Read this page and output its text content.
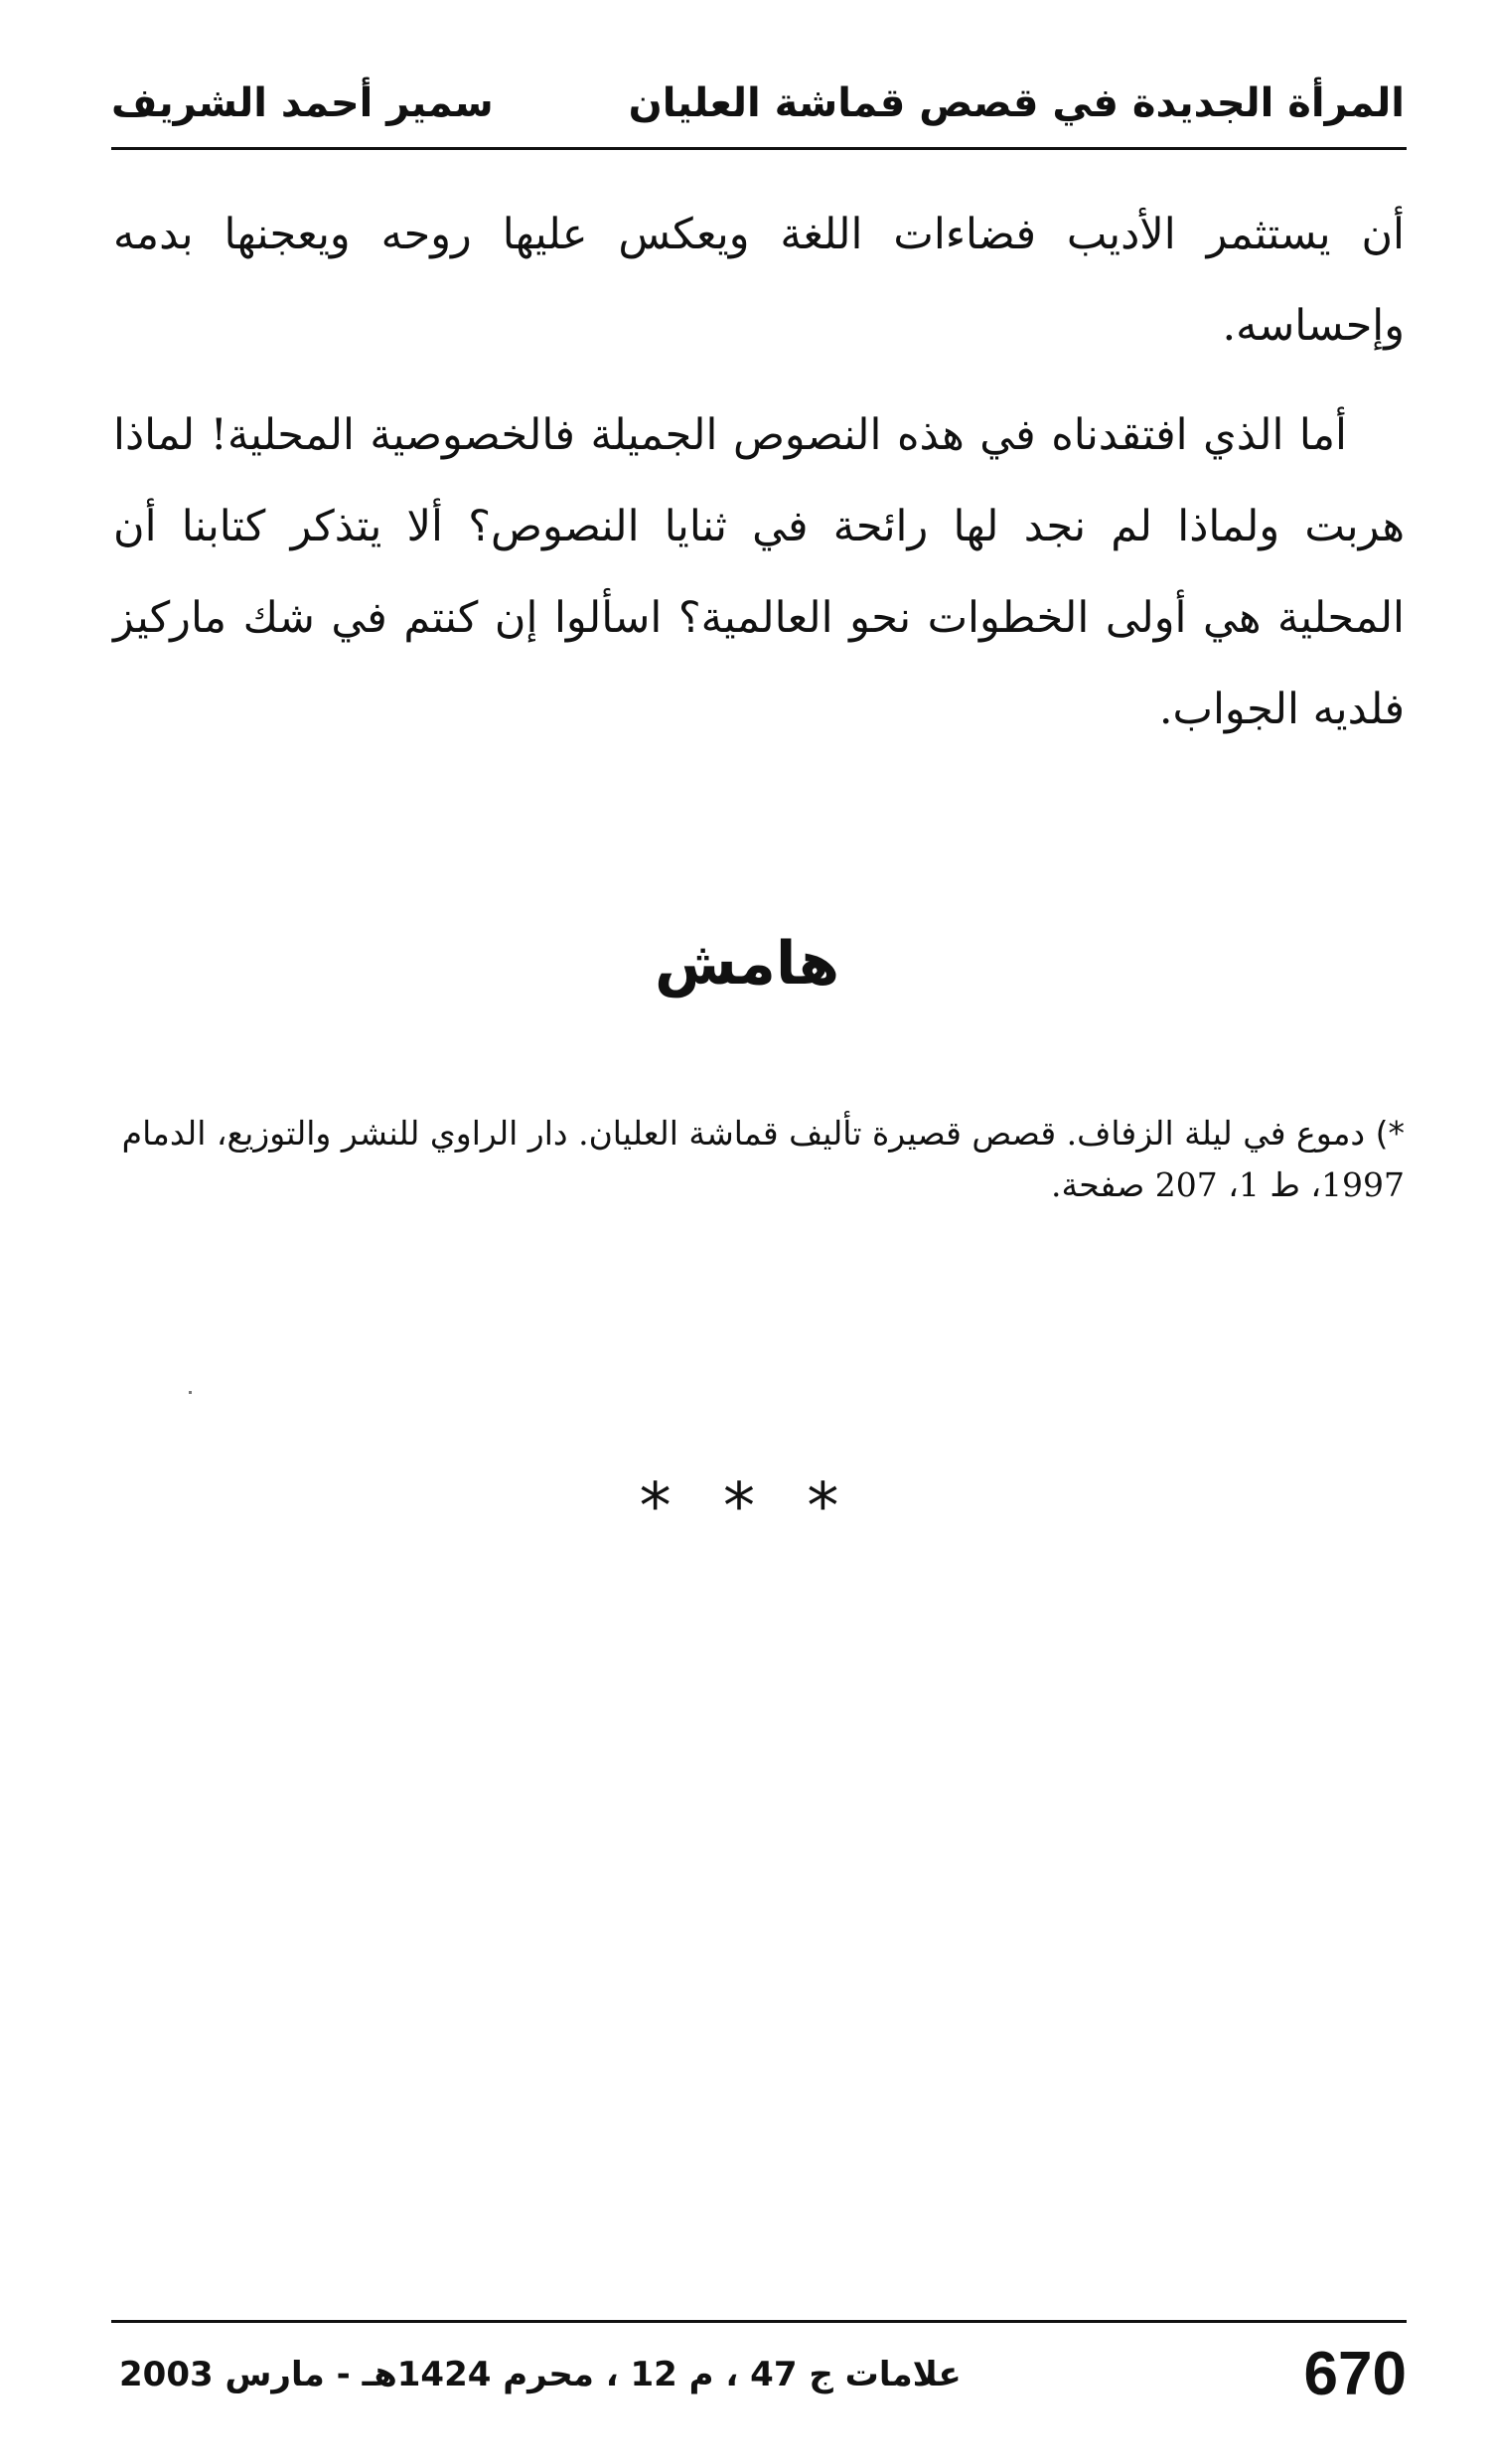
المرأة الجديدة في قصص قماشة العليان
سمير أحمد الشريف

أن يستثمر الأديب فضاءات اللغة ويعكس عليها روحه ويعجنها بدمه وإحساسه.

أما الذي افتقدناه في هذه النصوص الجميلة فالخصوصية المحلية! لماذا هربت ولماذا لم نجد لها رائحة في ثنايا النصوص؟ ألا يتذكر كتابنا أن المحلية هي أولى الخطوات نحو العالمية؟ اسألوا إن كنتم في شك ماركيز فلديه الجواب.

هامش
*) دموع في ليلة الزفاف. قصص قصيرة تأليف قماشة العليان. دار الراوي للنشر والتوزيع، الدمام 1997، ط 1، 207 صفحة.
* * *
علامات ج 47 ، م 12 ، محرم 1424هـ - مارس 2003	670
